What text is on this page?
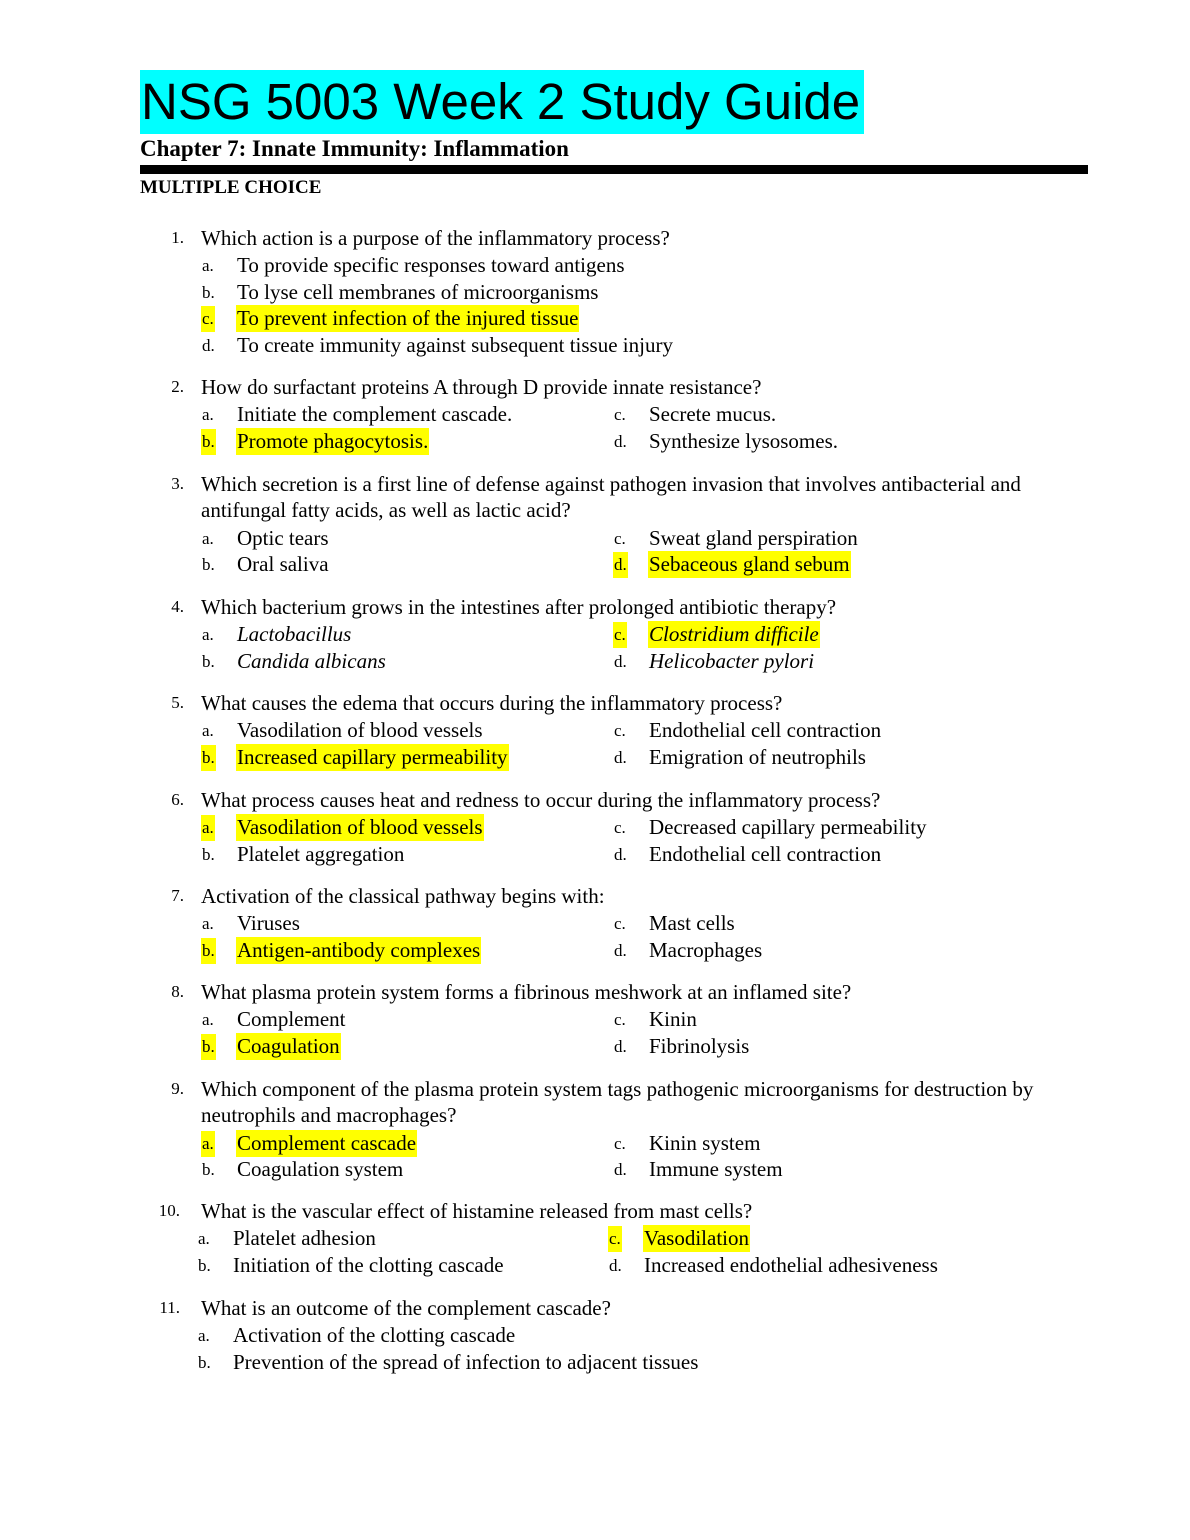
NSG 5003 Week 2 Study Guide
Chapter 7: Innate Immunity: Inflammation
MULTIPLE CHOICE
1. Which action is a purpose of the inflammatory process?
a. To provide specific responses toward antigens
b. To lyse cell membranes of microorganisms
c. To prevent infection of the injured tissue
d. To create immunity against subsequent tissue injury
2. How do surfactant proteins A through D provide innate resistance?
a. Initiate the complement cascade.
b. Promote phagocytosis.
c. Secrete mucus.
d. Synthesize lysosomes.
3. Which secretion is a first line of defense against pathogen invasion that involves antibacterial and antifungal fatty acids, as well as lactic acid?
a. Optic tears
b. Oral saliva
c. Sweat gland perspiration
d. Sebaceous gland sebum
4. Which bacterium grows in the intestines after prolonged antibiotic therapy?
a. Lactobacillus
b. Candida albicans
c. Clostridium difficile
d. Helicobacter pylori
5. What causes the edema that occurs during the inflammatory process?
a. Vasodilation of blood vessels
b. Increased capillary permeability
c. Endothelial cell contraction
d. Emigration of neutrophils
6. What process causes heat and redness to occur during the inflammatory process?
a. Vasodilation of blood vessels
b. Platelet aggregation
c. Decreased capillary permeability
d. Endothelial cell contraction
7. Activation of the classical pathway begins with:
a. Viruses
b. Antigen-antibody complexes
c. Mast cells
d. Macrophages
8. What plasma protein system forms a fibrinous meshwork at an inflamed site?
a. Complement
b. Coagulation
c. Kinin
d. Fibrinolysis
9. Which component of the plasma protein system tags pathogenic microorganisms for destruction by neutrophils and macrophages?
a. Complement cascade
b. Coagulation system
c. Kinin system
d. Immune system
10. What is the vascular effect of histamine released from mast cells?
a. Platelet adhesion
b. Initiation of the clotting cascade
c. Vasodilation
d. Increased endothelial adhesiveness
11. What is an outcome of the complement cascade?
a. Activation of the clotting cascade
b. Prevention of the spread of infection to adjacent tissues
